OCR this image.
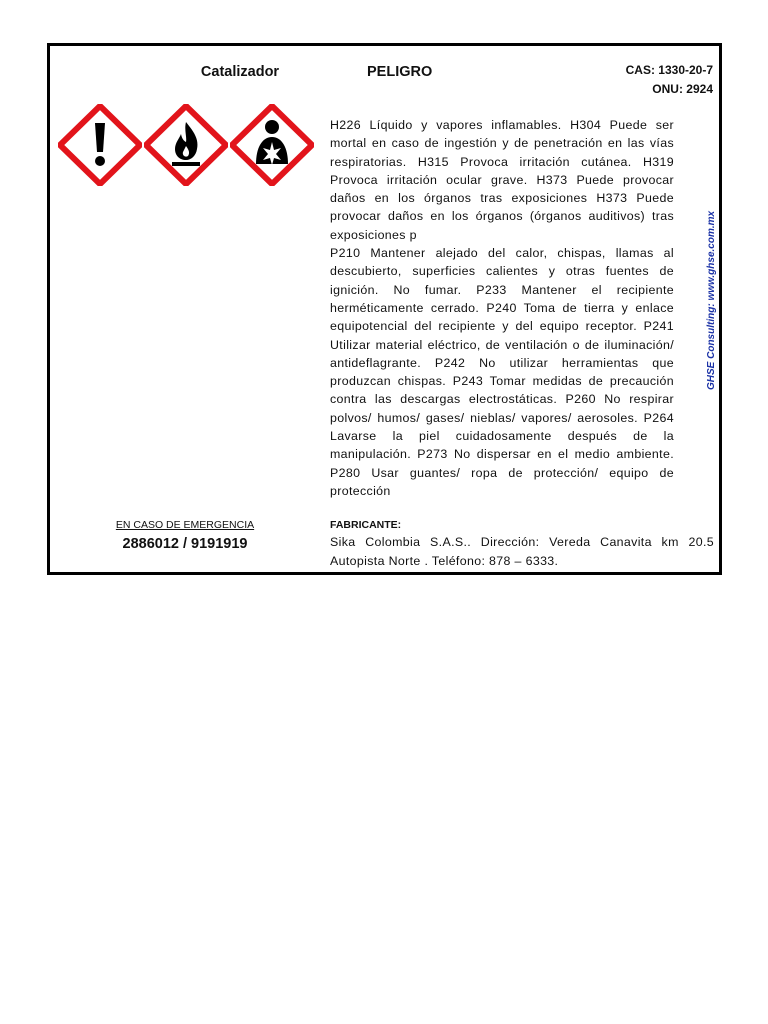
Catalizador	PELIGRO	CAS: 1330-20-7
ONU: 2924

H226 Líquido y vapores inflamables. H304 Puede ser mortal en caso de ingestión y de penetración en las vías respiratorias. H315 Provoca irritación cutánea. H319 Provoca irritación ocular grave. H373 Puede provocar daños en los órganos tras exposiciones H373 Puede provocar daños en los órganos (órganos auditivos) tras exposiciones p

P210 Mantener alejado del calor, chispas, llamas al descubierto, superficies calientes y otras fuentes de ignición. No fumar. P233 Mantener el recipiente herméticamente cerrado. P240 Toma de tierra y enlace equipotencial del recipiente y del equipo receptor. P241 Utilizar material eléctrico, de ventilación o de iluminación/ antideflagrante. P242 No utilizar herramientas que produzcan chispas. P243 Tomar medidas de precaución contra las descargas electrostáticas. P260 No respirar polvos/ humos/ gases/ nieblas/ vapores/ aerosoles. P264 Lavarse la piel cuidadosamente después de la manipulación. P273 No dispersar en el medio ambiente. P280 Usar guantes/ ropa de protección/ equipo de protección

GHSE Consulting: www.ghse.com.mx
EN CASO DE EMERGENCIA
2886012 / 9191919
FABRICANTE:
Sika Colombia S.A.S.. Dirección: Vereda Canavita km 20.5 Autopista Norte . Teléfono: 878 – 6333.
